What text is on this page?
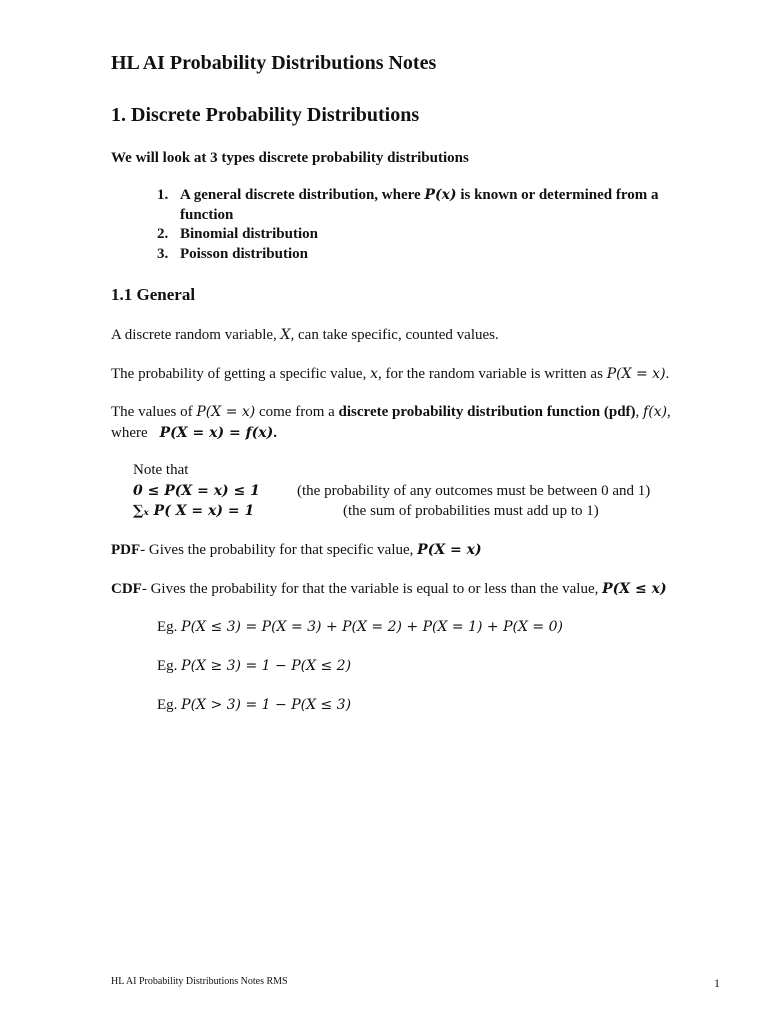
HL AI Probability Distributions Notes
1. Discrete Probability Distributions
We will look at 3 types discrete probability distributions
1. A general discrete distribution, where P(x) is known or determined from a function
2. Binomial distribution
3. Poisson distribution
1.1 General
A discrete random variable, X, can take specific, counted values.
The probability of getting a specific value, x, for the random variable is written as P(X = x).
The values of P(X = x) come from a discrete probability distribution function (pdf), f(x),
where P(X = x) = f(x).
Note that
0 ≤ P(X = x) ≤ 1 (the probability of any outcomes must be between 0 and 1)
∑ₓ P( X = x) = 1	(the sum of probabilities must add up to 1)
PDF- Gives the probability for that specific value, P(X = x)
CDF- Gives the probability for that the variable is equal to or less than the value, P(X ≤ x)
Eg. P(X ≤ 3) = P(X = 3) + P(X = 2) + P(X = 1) + P(X = 0)
Eg. P(X ≥ 3) = 1 − P(X ≤ 2)
Eg. P(X > 3) = 1 − P(X ≤ 3)
HL AI Probability Distributions Notes RMS	1
